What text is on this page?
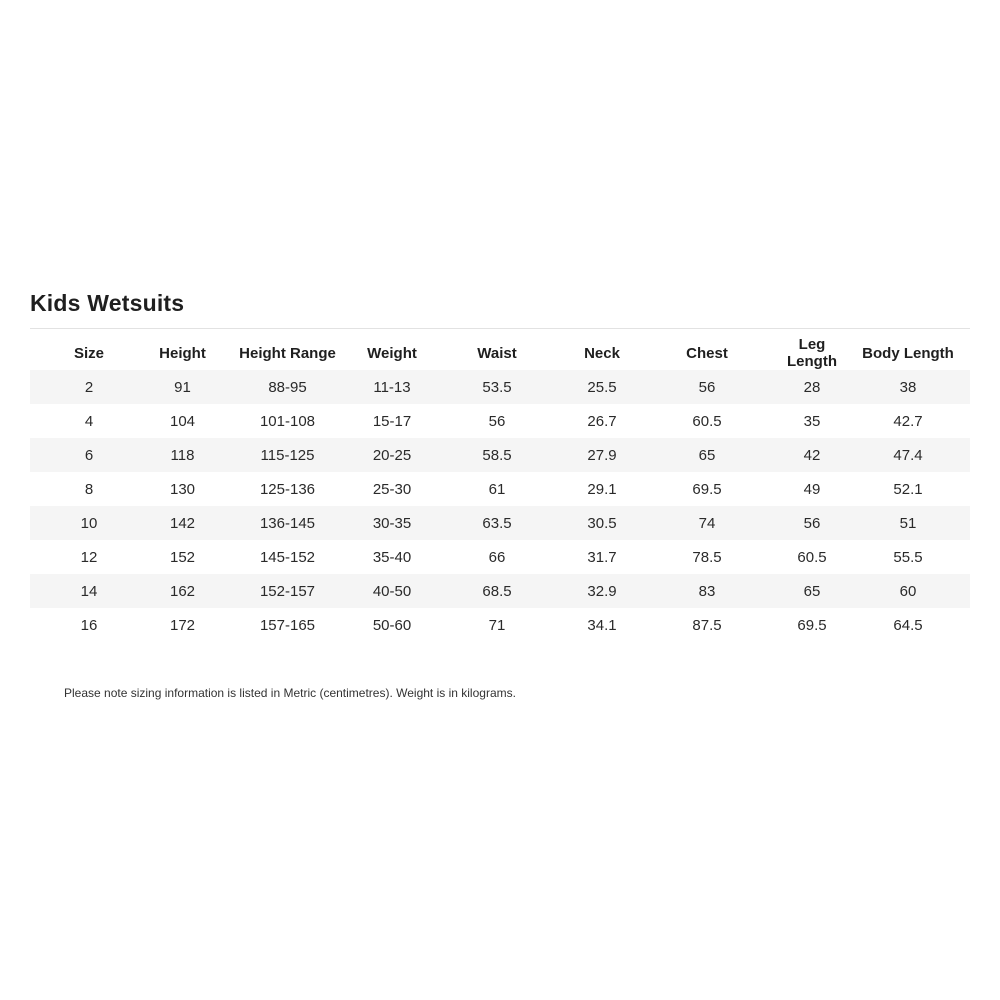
Kids Wetsuits
Size	Height	Height Range	Weight	Waist	Neck	Chest	Leg Length	Body Length
2	91	88-95	11-13	53.5	25.5	56	28	38
4	104	101-108	15-17	56	26.7	60.5	35	42.7
6	118	115-125	20-25	58.5	27.9	65	42	47.4
8	130	125-136	25-30	61	29.1	69.5	49	52.1
10	142	136-145	30-35	63.5	30.5	74	56	51
12	152	145-152	35-40	66	31.7	78.5	60.5	55.5
14	162	152-157	40-50	68.5	32.9	83	65	60
16	172	157-165	50-60	71	34.1	87.5	69.5	64.5
Please note sizing information is listed in Metric (centimetres). Weight is in kilograms.
